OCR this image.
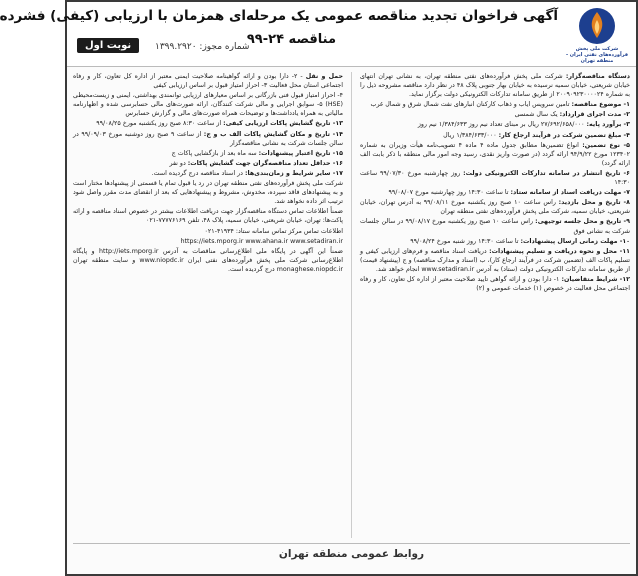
شرکت ملی پخش فرآورده‌های نفتی ایران - منطقه تهران
آگهی فراخوان تجدید مناقصه عمومی یک مرحله‌ای همزمان با ارزیابی (کیفی) فشرده
مناقصه ۲۴-۹۹
شماره مجوز: ۱۳۹۹.۲۹۲۰
نوبت اول

دستگاه مناقصه‌گزار: شرکت ملی پخش فرآورده‌های نفتی منطقه تهران، به نشانی تهران انتهای خیابان شریعتی، خیابان سمیه نرسیده به خیابان بهار جنوبی پلاک ۴۸ در نظر دارد مناقصه مشروحه ذیل را به شماره ۲۰۰۹۰۹۲۳۰۰۰۰۲۴ از طریق سامانه تدارکات الکترونیکی دولت برگزار نماید.

۱- موضوع مناقصه: تامین سرویس ایاب و ذهاب کارکنان انبارهای نفت شمال شرق و شمال غرب

۲- مدت اجرای قرارداد: یک سال شمسی

۳- برآورد پایه: ۲۷/۶۹۲/۶۵۸/۰۰۰ ریال بر مبنای تعداد نیم روز ۱/۳۸۴/۶۳۳ نیم روز

۴- مبلغ تضمین شرکت در فرآیند ارجاع کار: ۱/۳۸۴/۶۳۳/۰۰۰ ریال

۵- نوع تضمین: انواع تضمین‌ها مطابق جدول ماده ۴ ماده ۴ تصویب‌نامه هیأت وزیران به شماره ۱۲۳۴۰۲ مورخ ۹۴/۹/۲۲ ارائه گردد (در صورت واریز نقدی، رسید وجه امور مالی منطقه با ذکر بابت الف ارائه گردد)

۶- تاریخ انتشار در سامانه تدارکات الکترونیکی دولت: روز چهارشنبه مورخ ۹۹/۰۷/۳۰ ساعت ۱۴:۳۰

۷- مهلت دریافت اسناد از سامانه ستاد: تا ساعت ۱۴:۳۰ روز چهارشنبه مورخ ۹۹/۰۸/۰۷

۸- تاریخ و محل بازدید: راس ساعت ۱۰ صبح روز یکشنبه مورخ ۹۹/۰۸/۱۱ به آدرس تهران، خیابان شریعتی، خیابان سمیه، شرکت ملی پخش فرآورده‌های نفتی منطقه تهران

۹- تاریخ و محل جلسه توجیهی: راس ساعت ۱۰ صبح روز یکشنبه مورخ ۹۹/۰۸/۱۷ در سالن جلسات شرکت به نشانی فوق

۱۰- مهلت زمانی ارسال پیشنهادات: تا ساعت ۱۴:۳۰ روز شنبه مورخ ۹۹/۰۸/۲۴

۱۱- محل و نحوه دریافت و تسلیم پیشنهادات: دریافت اسناد مناقصه و فرم‌های ارزیابی کیفی و تسلیم پاکات الف (تضمین شرکت در فرآیند ارجاع کار)، ب (اسناد و مدارک مناقصه) و ج (پیشنهاد قیمت) از طریق سامانه تدارکات الکترونیکی دولت (ستاد) به آدرس www.setadiran.ir انجام خواهد شد.

۱۲- شرایط متقاضیان: ۱- دارا بودن و ارائه گواهی تایید صلاحیت معتبر از اداره کل تعاون، کار و رفاه اجتماعی محل فعالیت در خصوص (۱) خدمات عمومی و (۲)

حمل و نقل - ۲- دارا بودن و ارائه گواهینامه صلاحیت ایمنی معتبر از اداره کل تعاون، کار و رفاه اجتماعی استان محل فعالیت ۳- احراز امتیاز قبول بر اساس ارزیابی کیفی

۴- احراز امتیاز قبول فنی بازرگانی بر اساس معیارهای ارزیابی توانمندی بهداشتی، ایمنی و زیست‌محیطی (HSE) ۵- سوابق اجرایی و مالی شرکت کنندگان، ارائه صورت‌های مالی حسابرسی شده و اظهارنامه مالیاتی به همراه یادداشت‌ها و توضیحات همراه صورت‌های مالی و گزارش حسابرس

۱۳- تاریخ گشایش پاکات ارزیابی کیفی: از ساعت ۸:۳۰ صبح روز یکشنبه مورخ ۹۹/۰۸/۲۵

۱۴- تاریخ و مکان گشایش پاکات الف ب و ج: از ساعت ۹ صبح روز دوشنبه مورخ ۹۹/۰۹/۰۳ در سالن جلسات شرکت به نشانی مناقصه‌گزار

۱۵- تاریخ اعتبار پیشنهادات: سه ماه بعد از بازگشایی پاکات ج

۱۶- حداقل تعداد مناقصه‌گران جهت گشایش پاکات: دو نفر

۱۷- سایر شرایط و زمان‌بندی‌ها: در اسناد مناقصه درج گردیده است.

شرکت ملی پخش فرآورده‌های نفتی منطقه تهران در رد یا قبول تمام یا قسمتی از پیشنهادها مختار است و به پیشنهادهای فاقد سپرده، مخدوش، مشروط و پیشنهادهایی که بعد از انقضای مدت مقرر واصل شود ترتیب اثر داده نخواهد شد.

ضمناً اطلاعات تماس دستگاه مناقصه‌گزار جهت دریافت اطلاعات بیشتر در خصوص اسناد مناقصه و ارائه پاکت‌ها: تهران، خیابان شریعتی، خیابان سمیه، پلاک ۴۸، تلفن ۷۷۷۷۶۱۶۹-۰۲۱

اطلاعات تماس مرکز تماس سامانه ستاد: ۴۱۹۳۴-۰۲۱

https://iets.mporg.ir www.ahana.ir www.setadiran.ir

ضمناً این آگهی در پایگاه ملی اطلاع‌رسانی مناقصات به آدرس http://iets.mporg.ir و پایگاه اطلاع‌رسانی شرکت ملی پخش فرآورده‌های نفتی ایران www.niopdc.ir و سایت منطقه تهران monaghese.niopdc.ir درج گردیده است.

روابط عمومی منطقه تهران
